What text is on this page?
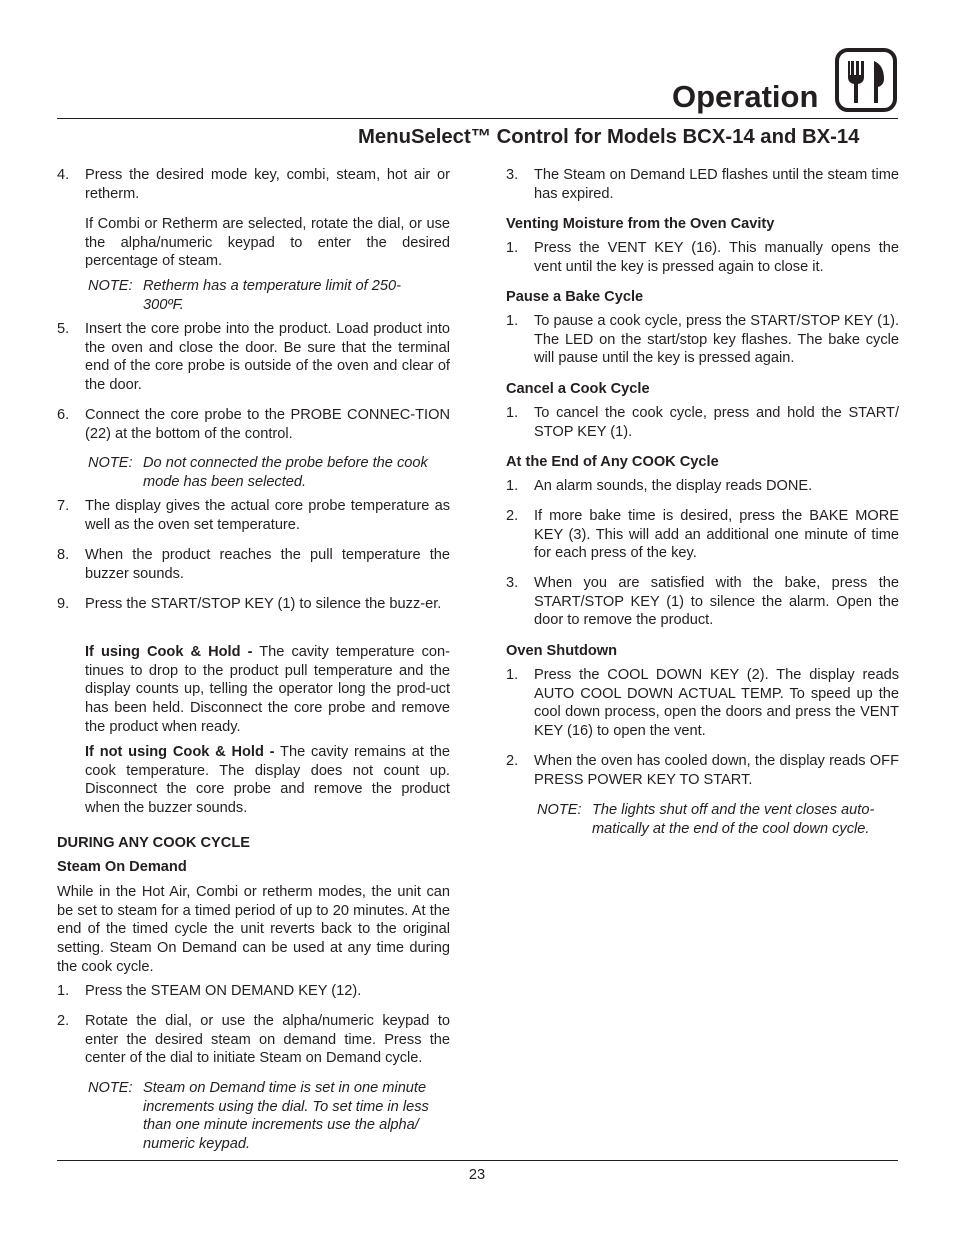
Operation
MenuSelect™ Control for Models BCX-14 and BX-14
4. Press the desired mode key, combi, steam, hot air or retherm.
If Combi or Retherm are selected, rotate the dial, or use the alpha/numeric keypad to enter the desired percentage of steam.
NOTE: Retherm has a temperature limit of 250-300ºF.
5. Insert the core probe into the product. Load product into the oven and close the door. Be sure that the terminal end of the core probe is outside of the oven and clear of the door.
6. Connect the core probe to the PROBE CONNEC-TION (22) at the bottom of the control.
NOTE: Do not connected the probe before the cook mode has been selected.
7. The display gives the actual core probe temperature as well as the oven set temperature.
8. When the product reaches the pull temperature the buzzer sounds.
9. Press the START/STOP KEY (1) to silence the buzz-er.
If using Cook & Hold - The cavity temperature con-tinues to drop to the product pull temperature and the display counts up, telling the operator long the prod-uct has been held. Disconnect the core probe and remove the product when ready.
If not using Cook & Hold - The cavity remains at the cook temperature. The display does not count up. Disconnect the core probe and remove the product when the buzzer sounds.
DURING ANY COOK CYCLE
Steam On Demand
While in the Hot Air, Combi or retherm modes, the unit can be set to steam for a timed period of up to 20 minutes. At the end of the timed cycle the unit reverts back to the original setting. Steam On Demand can be used at any time during the cook cycle.
1. Press the STEAM ON DEMAND KEY (12).
2. Rotate the dial, or use the alpha/numeric keypad to enter the desired steam on demand time. Press the center of the dial to initiate Steam on Demand cycle.
NOTE: Steam on Demand time is set in one minute increments using the dial. To set time in less than one minute increments use the alpha/ numeric keypad.
3. The Steam on Demand LED flashes until the steam time has expired.
Venting Moisture from the Oven Cavity
1. Press the VENT KEY (16). This manually opens the vent until the key is pressed again to close it.
Pause a Bake Cycle
1. To pause a cook cycle, press the START/STOP KEY (1). The LED on the start/stop key flashes. The bake cycle will pause until the key is pressed again.
Cancel a Cook Cycle
1. To cancel the cook cycle, press and hold the START/ STOP KEY (1).
At the End of Any COOK Cycle
1. An alarm sounds, the display reads DONE.
2. If more bake time is desired, press the BAKE MORE KEY (3). This will add an additional one minute of time for each press of the key.
3. When you are satisfied with the bake, press the START/STOP KEY (1) to silence the alarm. Open the door to remove the product.
Oven Shutdown
1. Press the COOL DOWN KEY (2). The display reads AUTO COOL DOWN ACTUAL TEMP. To speed up the cool down process, open the doors and press the VENT KEY (16) to open the vent.
2. When the oven has cooled down, the display reads OFF PRESS POWER KEY TO START.
NOTE: The lights shut off and the vent closes auto-matically at the end of the cool down cycle.
23
